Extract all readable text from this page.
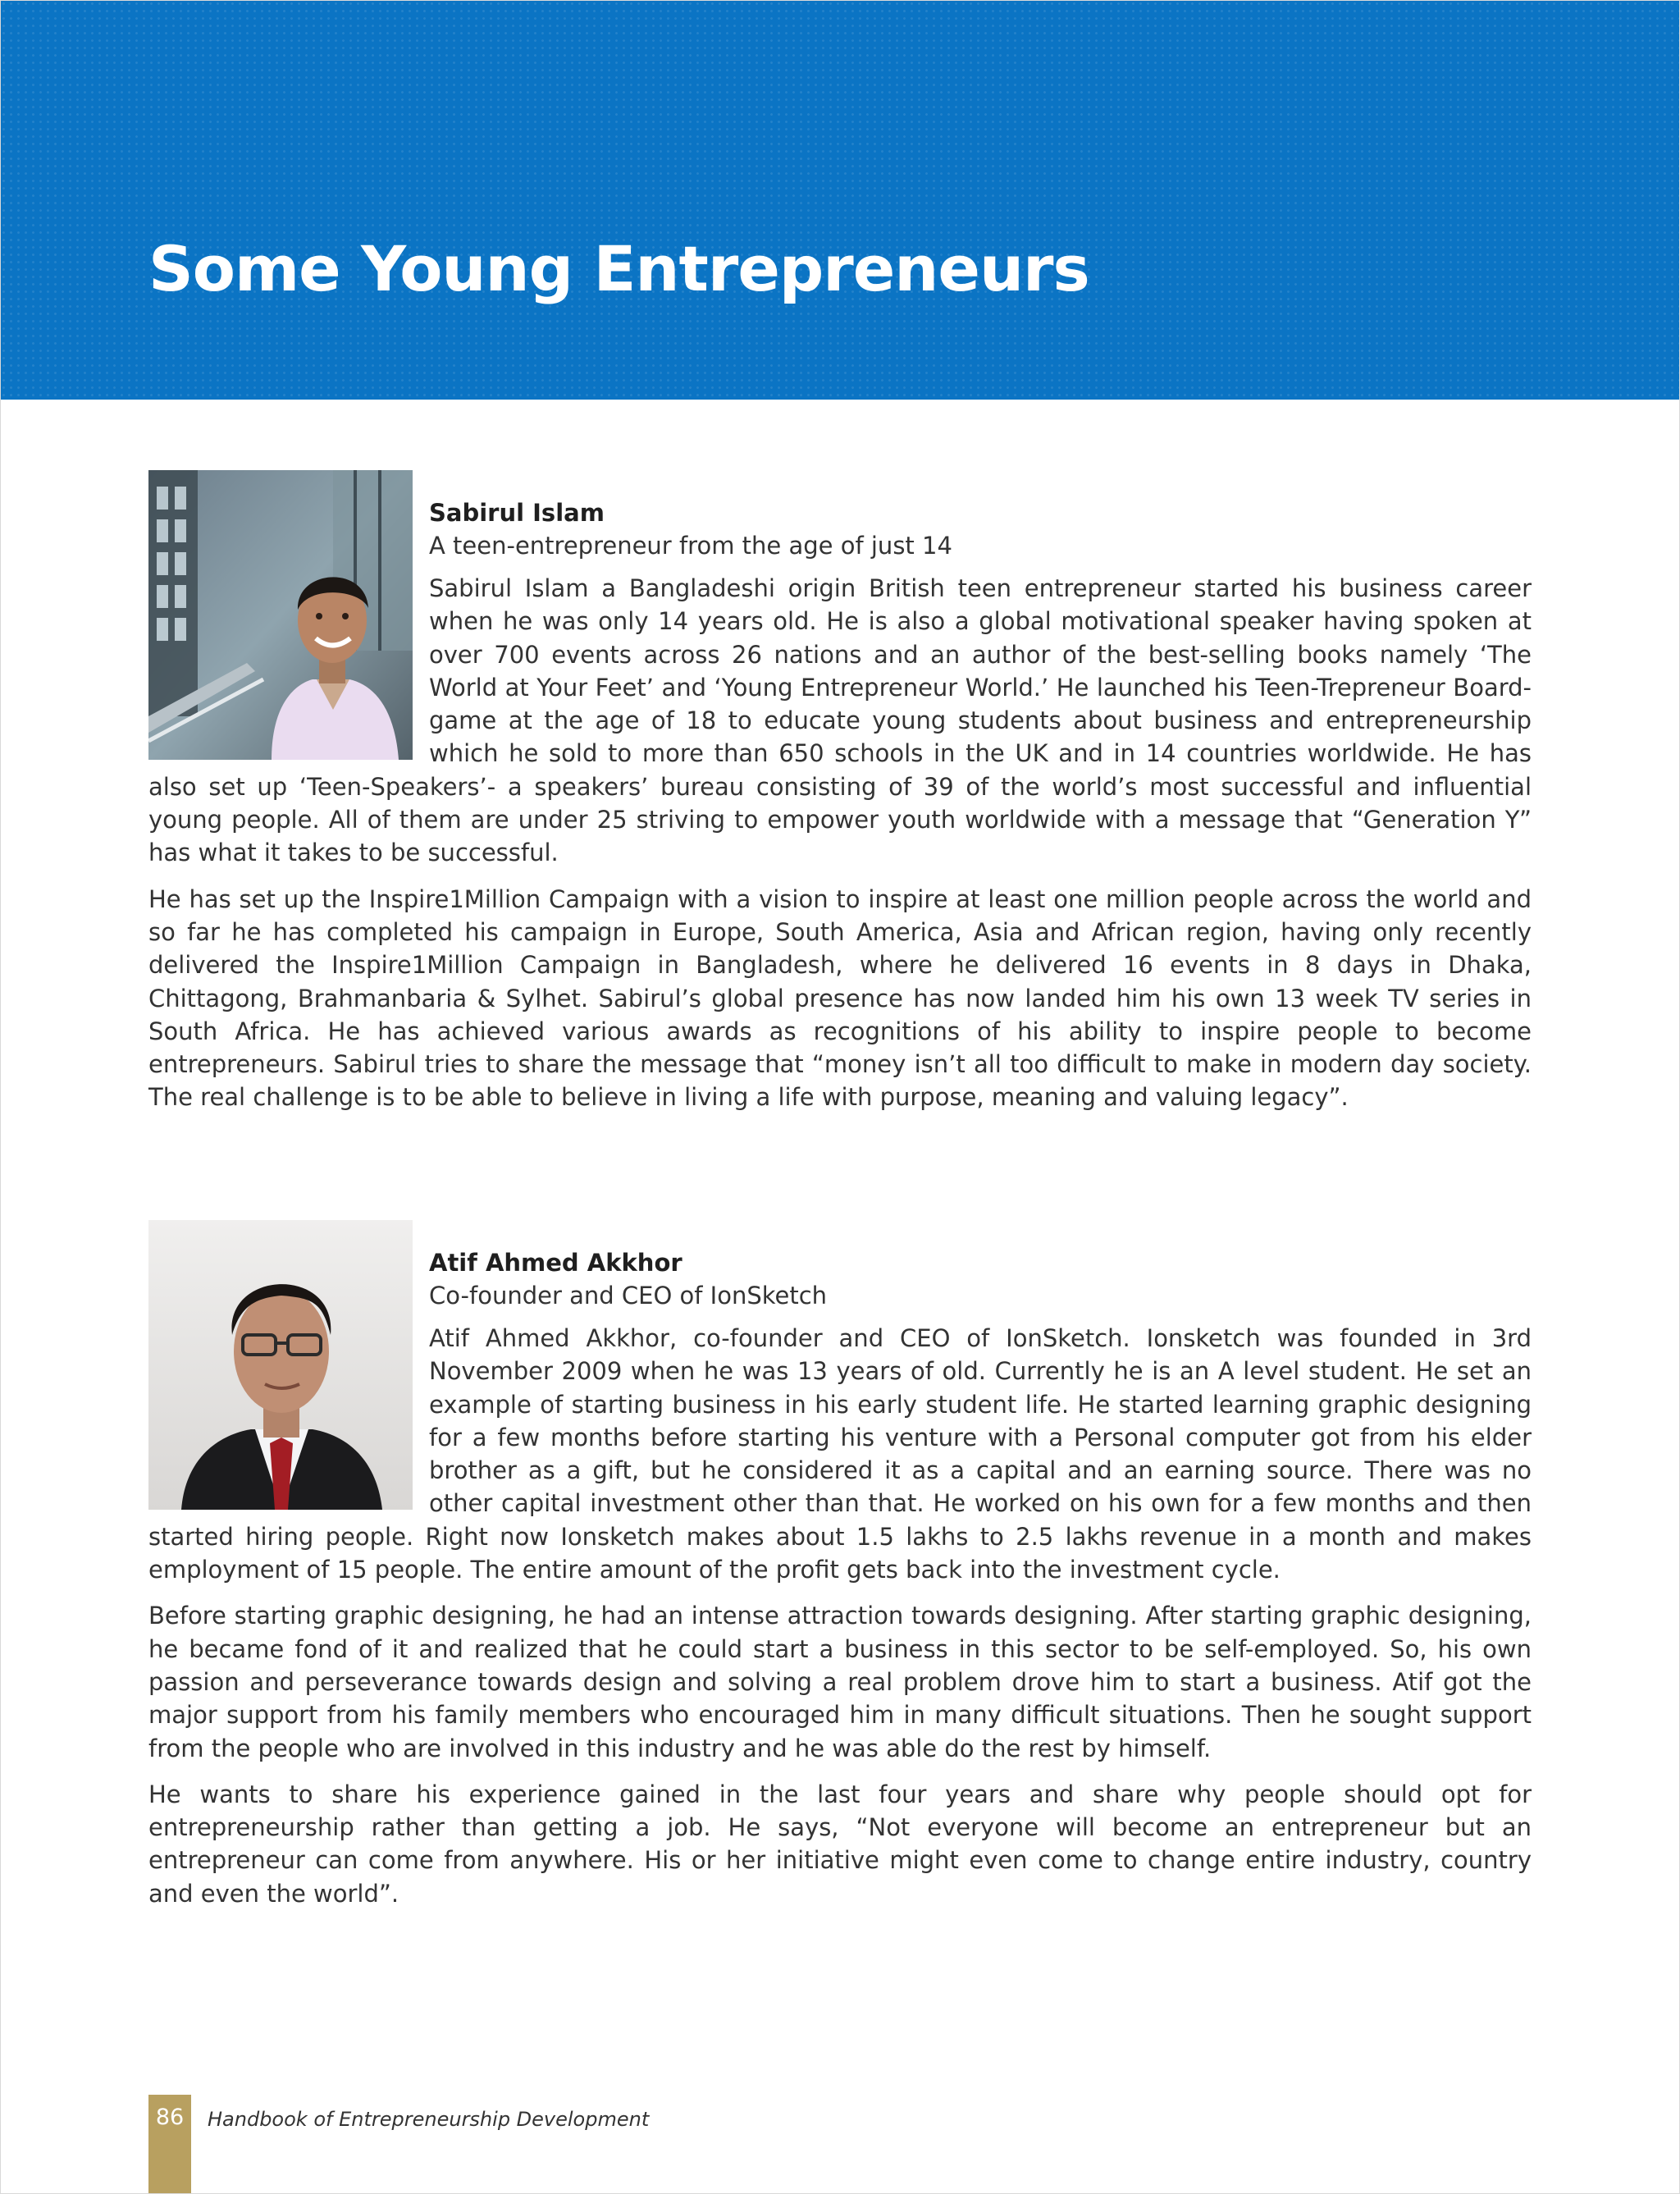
Some Young Entrepreneurs

Sabirul Islam

A teen-entrepreneur from the age of just 14

Sabirul Islam a Bangladeshi origin British teen entrepreneur started his business career when he was only 14 years old. He is also a global motivational speaker having spoken at over 700 events across 26 nations and an author of the best-selling books namely ‘The World at Your Feet’ and ‘Young Entrepreneur World.’ He launched his Teen-Trepreneur Board-game at the age of 18 to educate young students about business and entrepreneurship which he sold to more than 650 schools in the UK and in 14 countries worldwide. He has also set up ‘Teen-Speakers’- a speakers’ bureau consisting of 39 of the world’s most successful and influential young people. All of them are under 25 striving to empower youth worldwide with a message that “Generation Y” has what it takes to be successful.

He has set up the Inspire1Million Campaign with a vision to inspire at least one million people across the world and so far he has completed his campaign in Europe, South America, Asia and African region, having only recently delivered the Inspire1Million Campaign in Bangladesh, where he delivered 16 events in 8 days in Dhaka, Chittagong, Brahmanbaria & Sylhet. Sabirul’s global presence has now landed him his own 13 week TV series in South Africa. He has achieved various awards as recognitions of his ability to inspire people to become entrepreneurs. Sabirul tries to share the message that “money isn’t all too difficult to make in modern day society. The real challenge is to be able to believe in living a life with purpose, meaning and valuing legacy”.

Atif Ahmed Akkhor

Co-founder and CEO of IonSketch

Atif Ahmed Akkhor, co-founder and CEO of IonSketch. Ionsketch was founded in 3rd November 2009 when he was 13 years of old. Currently he is an A level student. He set an example of starting business in his early student life. He started learning graphic designing for a few months before starting his venture with a Personal computer got from his elder brother as a gift, but he considered it as a capital and an earning source. There was no other capital investment other than that. He worked on his own for a few months and then started hiring people. Right now Ionsketch makes about 1.5 lakhs to 2.5 lakhs revenue in a month and makes employment of 15 people. The entire amount of the profit gets back into the investment cycle.

Before starting graphic designing, he had an intense attraction towards designing. After starting graphic designing, he became fond of it and realized that he could start a business in this sector to be self-employed. So, his own passion and perseverance towards design and solving a real problem drove him to start a business. Atif got the major support from his family members who encouraged him in many difficult situations. Then he sought support from the people who are involved in this industry and he was able do the rest by himself.

He wants to share his experience gained in the last four years and share why people should opt for entrepreneurship rather than getting a job. He says, “Not everyone will become an entrepreneur but an entrepreneur can come from anywhere. His or her initiative might even come to change entire industry, country and even the world”.

86	Handbook of Entrepreneurship Development
